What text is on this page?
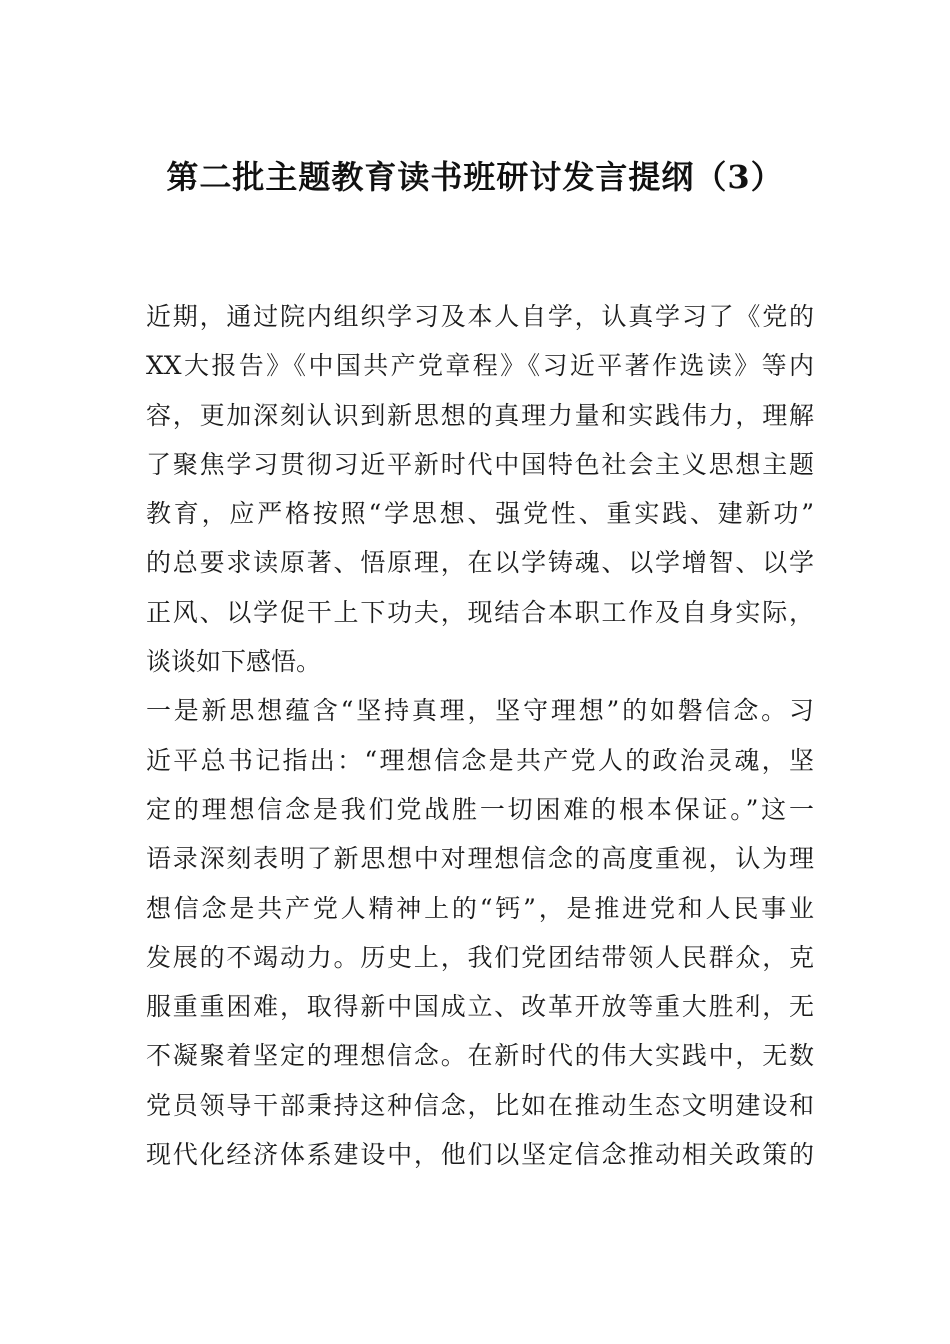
第二批主题教育读书班研讨发言提纲（3）
近期，通过院内组织学习及本人自学，认真学习了《党的
XX大报告》《中国共产党章程》《习近平著作选读》等内
容，更加深刻认识到新思想的真理力量和实践伟力，理解
了聚焦学习贯彻习近平新时代中国特色社会主义思想主题
教育，应严格按照“学思想、强党性、重实践、建新功”
的总要求读原著、悟原理，在以学铸魂、以学增智、以学
正风、以学促干上下功夫，现结合本职工作及自身实际，
谈谈如下感悟。
一是新思想蕴含“坚持真理，坚守理想”的如磐信念。习
近平总书记指出：“理想信念是共产党人的政治灵魂，坚
定的理想信念是我们党战胜一切困难的根本保证。”这一
语录深刻表明了新思想中对理想信念的高度重视，认为理
想信念是共产党人精神上的“钙”，是推进党和人民事业
发展的不竭动力。历史上，我们党团结带领人民群众，克
服重重困难，取得新中国成立、改革开放等重大胜利，无
不凝聚着坚定的理想信念。在新时代的伟大实践中，无数
党员领导干部秉持这种信念，比如在推动生态文明建设和
现代化经济体系建设中，他们以坚定信念推动相关政策的
